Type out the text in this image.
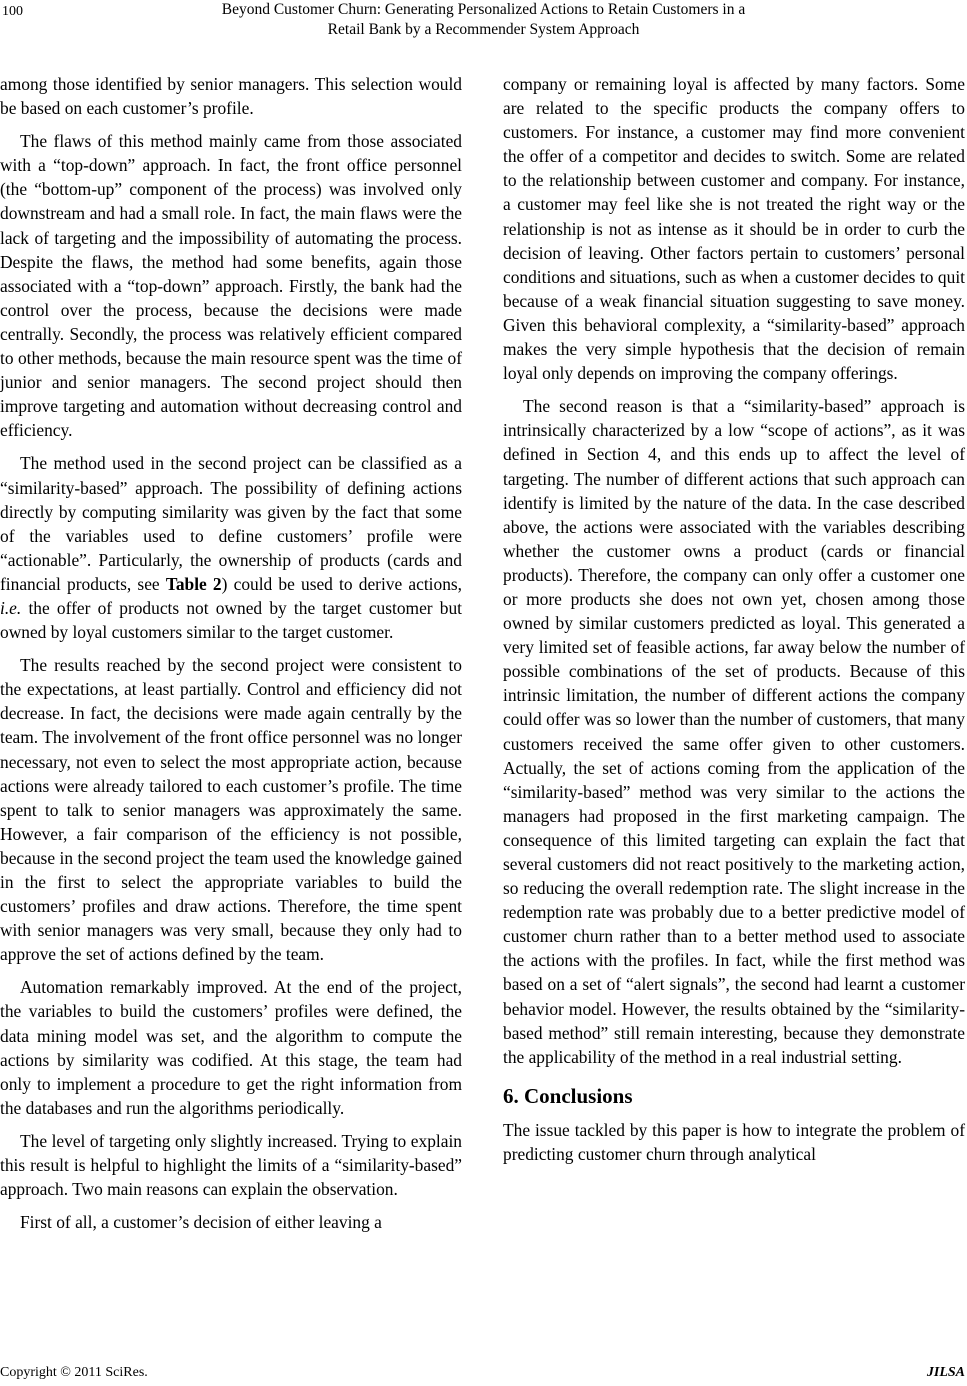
100	Beyond Customer Churn: Generating Personalized Actions to Retain Customers in a
Retail Bank by a Recommender System Approach

among those identified by senior managers. This selection would be based on each customer’s profile.

The flaws of this method mainly came from those associated with a “top-down” approach. In fact, the front office personnel (the “bottom-up” component of the process) was involved only downstream and had a small role. In fact, the main flaws were the lack of targeting and the impossibility of automating the process. Despite the flaws, the method had some benefits, again those associated with a “top-down” approach. Firstly, the bank had the control over the process, because the decisions were made centrally. Secondly, the process was relatively efficient compared to other methods, because the main resource spent was the time of junior and senior managers. The second project should then improve targeting and automation without decreasing control and efficiency.

The method used in the second project can be classified as a “similarity-based” approach. The possibility of defining actions directly by computing similarity was given by the fact that some of the variables used to define customers’ profile were “actionable”. Particularly, the ownership of products (cards and financial products, see Table 2) could be used to derive actions, i.e. the offer of products not owned by the target customer but owned by loyal customers similar to the target customer.

The results reached by the second project were consistent to the expectations, at least partially. Control and efficiency did not decrease. In fact, the decisions were made again centrally by the team. The involvement of the front office personnel was no longer necessary, not even to select the most appropriate action, because actions were already tailored to each customer’s profile. The time spent to talk to senior managers was approximately the same. However, a fair comparison of the efficiency is not possible, because in the second project the team used the knowledge gained in the first to select the appropriate variables to build the customers’ profiles and draw actions. Therefore, the time spent with senior managers was very small, because they only had to approve the set of actions defined by the team.

Automation remarkably improved. At the end of the project, the variables to build the customers’ profiles were defined, the data mining model was set, and the algorithm to compute the actions by similarity was codified. At this stage, the team had only to implement a procedure to get the right information from the databases and run the algorithms periodically.

The level of targeting only slightly increased. Trying to explain this result is helpful to highlight the limits of a “similarity-based” approach. Two main reasons can explain the observation.

First of all, a customer’s decision of either leaving a

company or remaining loyal is affected by many factors. Some are related to the specific products the company offers to customers. For instance, a customer may find more convenient the offer of a competitor and decides to switch. Some are related to the relationship between customer and company. For instance, a customer may feel like she is not treated the right way or the relationship is not as intense as it should be in order to curb the decision of leaving. Other factors pertain to customers’ personal conditions and situations, such as when a customer decides to quit because of a weak financial situation suggesting to save money. Given this behavioral complexity, a “similarity-based” approach makes the very simple hypothesis that the decision of remain loyal only depends on improving the company offerings.

The second reason is that a “similarity-based” approach is intrinsically characterized by a low “scope of actions”, as it was defined in Section 4, and this ends up to affect the level of targeting. The number of different actions that such approach can identify is limited by the nature of the data. In the case described above, the actions were associated with the variables describing whether the customer owns a product (cards or financial products). Therefore, the company can only offer a customer one or more products she does not own yet, chosen among those owned by similar customers predicted as loyal. This generated a very limited set of feasible actions, far away below the number of possible combinations of the set of products. Because of this intrinsic limitation, the number of different actions the company could offer was so lower than the number of customers, that many customers received the same offer given to other customers. Actually, the set of actions coming from the application of the “similarity-based” method was very similar to the actions the managers had proposed in the first marketing campaign. The consequence of this limited targeting can explain the fact that several customers did not react positively to the marketing action, so reducing the overall redemption rate. The slight increase in the redemption rate was probably due to a better predictive model of customer churn rather than to a better method used to associate the actions with the profiles. In fact, while the first method was based on a set of “alert signals”, the second had learnt a customer behavior model. However, the results obtained by the “similarity-based method” still remain interesting, because they demonstrate the applicability of the method in a real industrial setting.

6. Conclusions

The issue tackled by this paper is how to integrate the problem of predicting customer churn through analytical

Copyright © 2011 SciRes.	JILSA
